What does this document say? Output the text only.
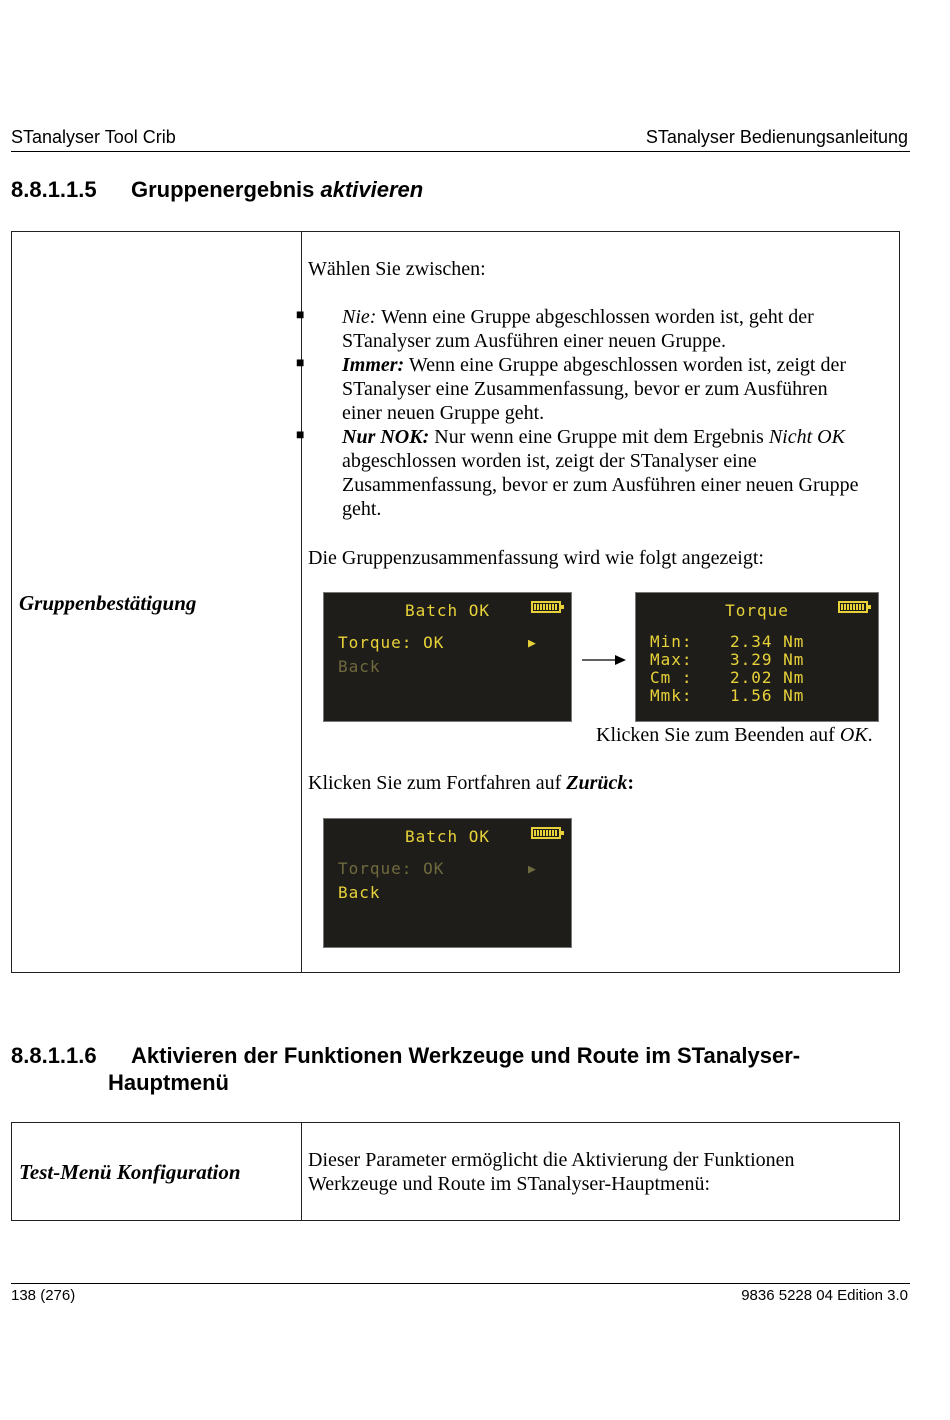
STanalyser Tool Crib	STanalyser Bedienungsanleitung
8.8.1.1.5 Gruppenergebnis aktivieren
Gruppenbestätigung
Wählen Sie zwischen:
■ Nie: Wenn eine Gruppe abgeschlossen worden ist, geht der
STanalyser zum Ausführen einer neuen Gruppe.
■ Immer: Wenn eine Gruppe abgeschlossen worden ist, zeigt der
STanalyser eine Zusammenfassung, bevor er zum Ausführen
einer neuen Gruppe geht.
■ Nur NOK: Nur wenn eine Gruppe mit dem Ergebnis Nicht OK
abgeschlossen worden ist, zeigt der STanalyser eine
Zusammenfassung, bevor er zum Ausführen einer neuen Gruppe
geht.
Die Gruppenzusammenfassung wird wie folgt angezeigt:
Batch OK
Torque: OK	▶
Back
Torque
Min: 2.34 Nm
Max: 3.29 Nm
Cm : 2.02 Nm
Mmk: 1.56 Nm
Klicken Sie zum Beenden auf OK.
Klicken Sie zum Fortfahren auf Zurück:
Batch OK
Torque: OK	▶
Back
8.8.1.1.6 Aktivieren der Funktionen Werkzeuge und Route im STanalyser-
Hauptmenü
Test-Menü Konfiguration	Dieser Parameter ermöglicht die Aktivierung der Funktionen
Werkzeuge und Route im STanalyser-Hauptmenü:
138 (276)	9836 5228 04 Edition 3.0
